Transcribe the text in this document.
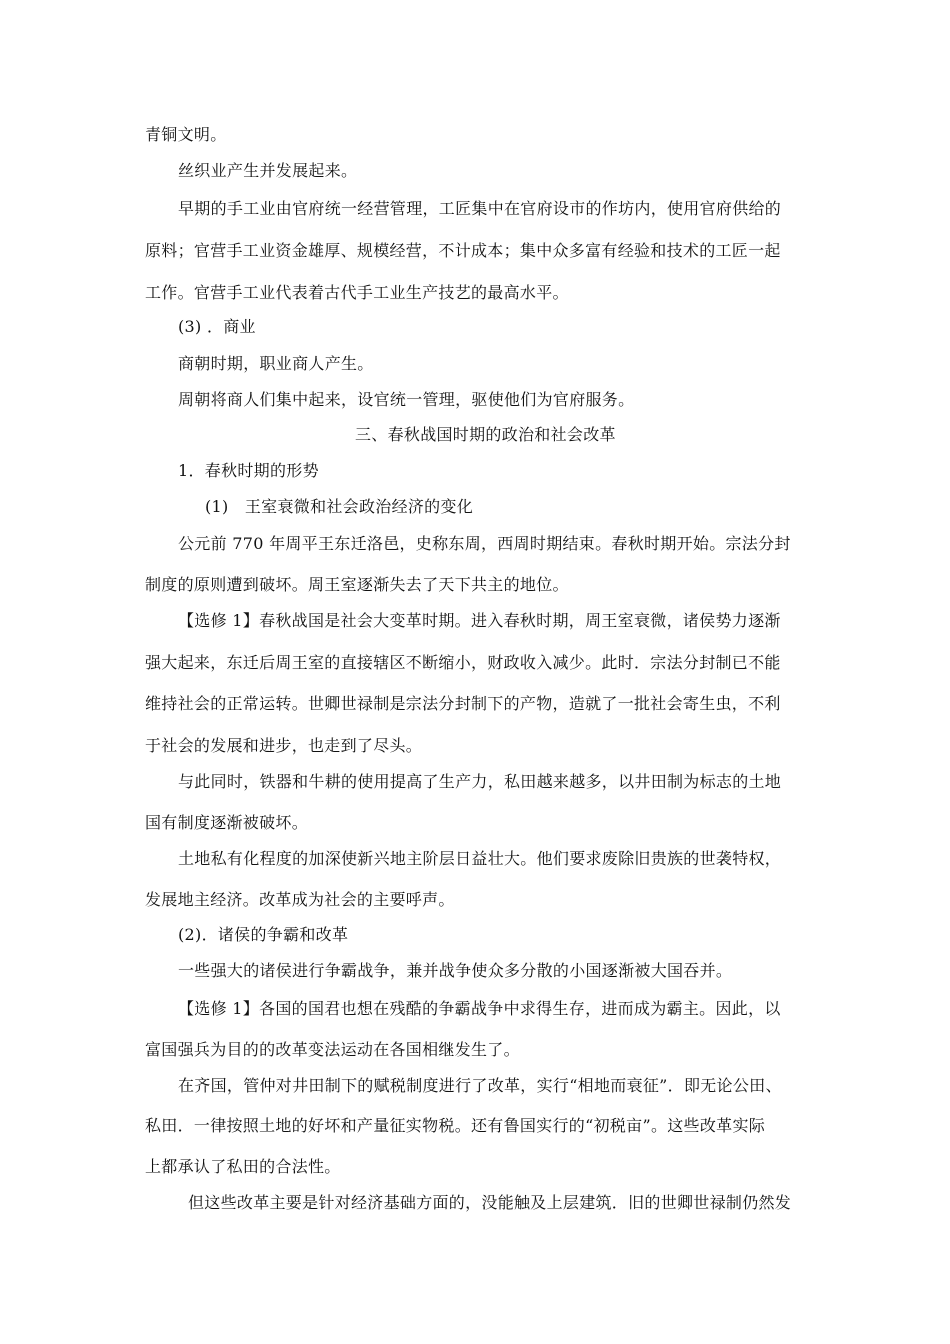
青铜文明。
丝织业产生并发展起来。
早期的手工业由官府统一经营管理，工匠集中在官府设市的作坊内，使用官府供给的
原料；官营手工业资金雄厚、规模经营，不计成本；集中众多富有经验和技术的工匠一起
工作。官营手工业代表着古代手工业生产技艺的最高水平。
(3) ．商业
商朝时期，职业商人产生。
周朝将商人们集中起来，设官统一管理，驱使他们为官府服务。
三、春秋战国时期的政治和社会改革
1．春秋时期的形势
(1)　王室衰微和社会政治经济的变化
公元前 770 年周平王东迁洛邑，史称东周，西周时期结束。春秋时期开始。宗法分封
制度的原则遭到破坏。周王室逐渐失去了天下共主的地位。
【选修 1】春秋战国是社会大变革时期。进入春秋时期，周王室衰微，诸侯势力逐渐
强大起来，东迁后周王室的直接辖区不断缩小，财政收入减少。此时．宗法分封制已不能
维持社会的正常运转。世卿世禄制是宗法分封制下的产物，造就了一批社会寄生虫，不利
于社会的发展和进步，也走到了尽头。
与此同时，铁器和牛耕的使用提高了生产力，私田越来越多，以井田制为标志的土地
国有制度逐渐被破坏。
土地私有化程度的加深使新兴地主阶层日益壮大。他们要求废除旧贵族的世袭特权，
发展地主经济。改革成为社会的主要呼声。
(2)．诸侯的争霸和改革
一些强大的诸侯进行争霸战争，兼并战争使众多分散的小国逐渐被大国吞并。
【选修 1】各国的国君也想在残酷的争霸战争中求得生存，进而成为霸主。因此，以
富国强兵为目的的改革变法运动在各国相继发生了。
在齐国，管仲对井田制下的赋税制度进行了改革，实行“相地而衰征”．即无论公田、
私田．一律按照土地的好坏和产量征实物税。还有鲁国实行的“初税亩”。这些改革实际
上都承认了私田的合法性。
但这些改革主要是针对经济基础方面的，没能触及上层建筑．旧的世卿世禄制仍然发
